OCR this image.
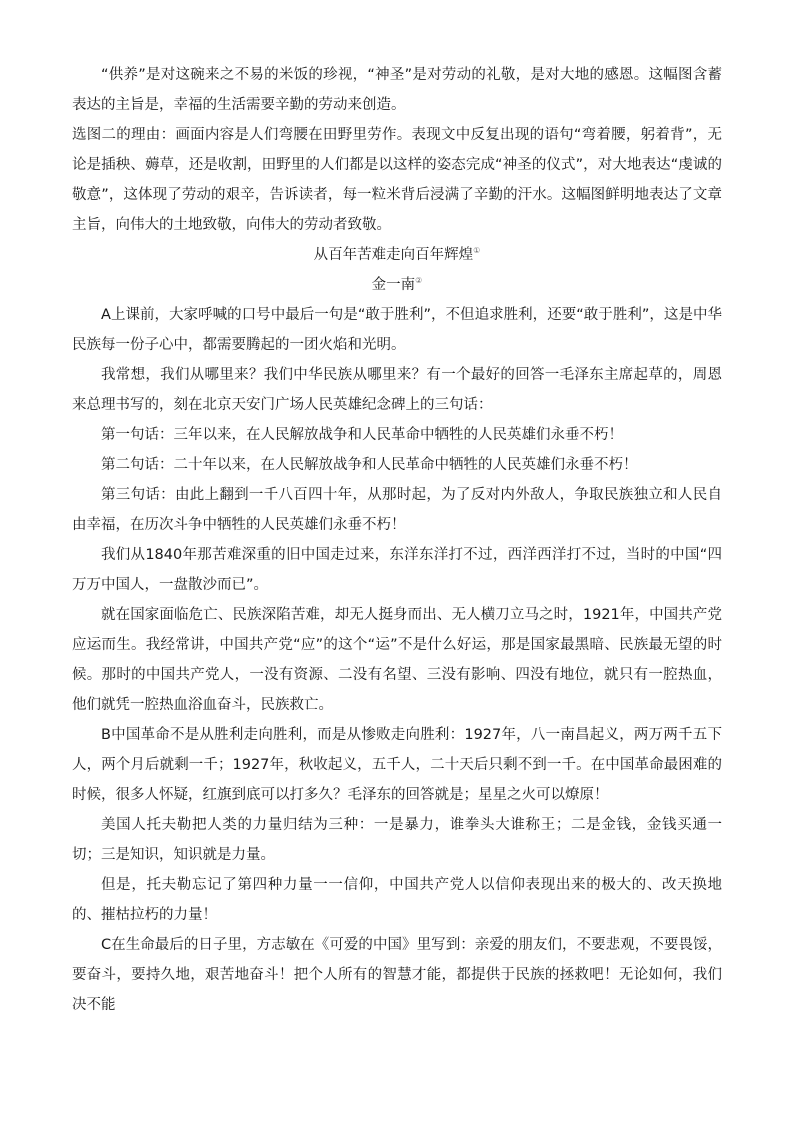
“供养”是对这碗来之不易的米饭的珍视，“神圣”是对劳动的礼敬，是对大地的感恩。这幅图含蓄表达的主旨是，幸福的生活需要辛勤的劳动来创造。

选图二的理由：画面内容是人们弯腰在田野里劳作。表现文中反复出现的语句“弯着腰，躬着背”，无论是插秧、薅草，还是收割，田野里的人们都是以这样的姿态完成“神圣的仪式”，对大地表达“虔诚的敬意”，这体现了劳动的艰辛，告诉读者，每一粒米背后浸满了辛勤的汗水。这幅图鲜明地表达了文章主旨，向伟大的土地致敬，向伟大的劳动者致敬。

从百年苦难走向百年辉煌①

金一南②

A上课前，大家呼喊的口号中最后一句是“敢于胜利”，不但追求胜利，还要“敢于胜利”，这是中华民族每一份子心中，都需要腾起的一团火焰和光明。

我常想，我们从哪里来？我们中华民族从哪里来？有一个最好的回答一毛泽东主席起草的，周恩来总理书写的，刻在北京天安门广场人民英雄纪念碑上的三句话：

第一句话：三年以来，在人民解放战争和人民革命中牺牲的人民英雄们永垂不朽！

第二句话：二十年以来，在人民解放战争和人民革命中牺牲的人民英雄们永垂不朽！

第三句话：由此上翻到一千八百四十年，从那时起，为了反对内外敌人，争取民族独立和人民自由幸福，在历次斗争中牺牲的人民英雄们永垂不朽！

我们从1840年那苦难深重的旧中国走过来，东洋东洋打不过，西洋西洋打不过，当时的中国“四万万中国人，一盘散沙而已”。

就在国家面临危亡、民族深陷苦难，却无人挺身而出、无人横刀立马之时，1921年，中国共产党应运而生。我经常讲，中国共产党“应”的这个“运”不是什么好运，那是国家最黑暗、民族最无望的时候。那时的中国共产党人，一没有资源、二没有名望、三没有影响、四没有地位，就只有一腔热血，他们就凭一腔热血浴血奋斗，民族救亡。

B中国革命不是从胜利走向胜利，而是从惨败走向胜利：1927年，八一南昌起义，两万两千五下人，两个月后就剩一千；1927年，秋收起义，五千人，二十天后只剩不到一千。在中国革命最困难的时候，很多人怀疑，红旗到底可以打多久？毛泽东的回答就是；星星之火可以燎原！

美国人托夫勒把人类的力量归结为三种：一是暴力，谁拳头大谁称王；二是金钱，金钱买通一切；三是知识，知识就是力量。

但是，托夫勒忘记了第四种力量一一信仰，中国共产党人以信仰表现出来的极大的、改天换地的、摧枯拉朽的力量！

C在生命最后的日子里，方志敏在《可爱的中国》里写到：亲爱的朋友们，不要悲观，不要畏馁，要奋斗，要持久地，艰苦地奋斗！把个人所有的智慧才能，都提供于民族的拯救吧！无论如何，我们决不能
